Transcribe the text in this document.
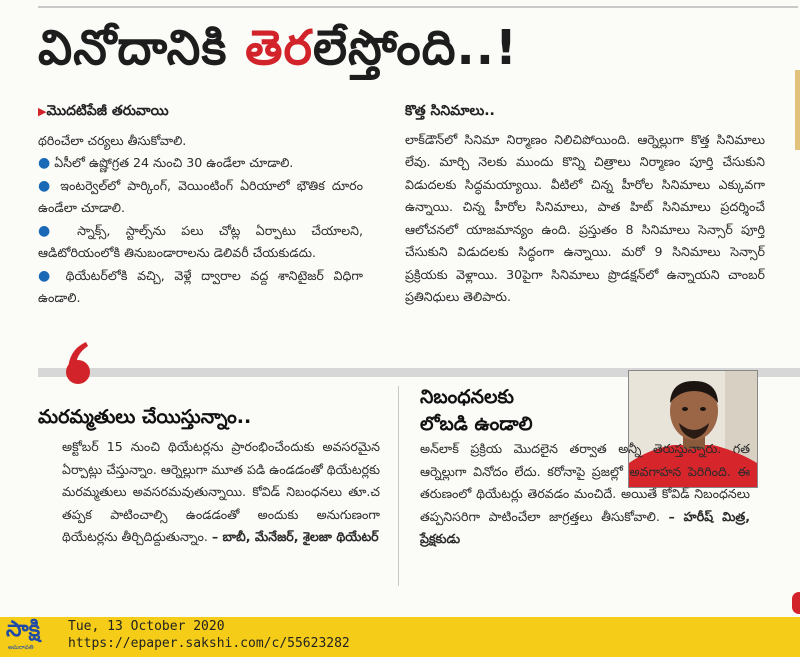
వినోదానికి తెరలేస్తోంది..!

▶మొదటిపేజీ తరువాయి

థరించేలా చర్యలు తీసుకోవాలి.

● ఏసీలో ఉష్ణోగ్రత 24 నుంచి 30 ఉండేలా చూడాలి.

● ఇంటర్వెల్‌లో పార్కింగ్, వెయింటింగ్ ఏరియాలో భౌతిక దూరం ఉండేలా చూడాలి.

● స్నాక్స్, స్టాల్స్‌ను పలు చోట్ల ఏర్పాటు చేయాలని, ఆడిటోరియంలోకి తినుబండారాలను డెలివరీ చేయకుడదు.

● థియేటర్‌లోకి వచ్చి, వెళ్లే ద్వారాల వద్ద శానిటైజర్ విధిగా ఉండాలి.

కొత్త సినిమాలు..

లాక్‌డౌన్‌లో సినిమా నిర్మాణం నిలిచిపోయింది. ఆర్నెల్లుగా కొత్త సినిమాలు లేవు. మార్చి నెలకు ముందు కొన్ని చిత్రాలు నిర్మాణం పూర్తి చేసుకుని విడుదలకు సిద్ధమయ్యాయి. వీటిలో చిన్న హీరోల సినిమాలు ఎక్కువగా ఉన్నాయి. చిన్న హీరోల సినిమాలు, పాత హిట్ సినిమాలు ప్రదర్శించే ఆలోచనలో యాజమాన్యం ఉంది. ప్రస్తుతం 8 సినిమాలు సెన్సార్ పూర్తి చేసుకుని విడుదలకు సిద్ధంగా ఉన్నాయి. మరో 9 సినిమాలు సెన్సార్ ప్రక్రియకు వెళ్లాయి. 30పైగా సినిమాలు ప్రొడక్షన్‌లో ఉన్నాయని చాంబర్ ప్రతినిధులు తెలిపారు.

మరమ్మతులు చేయిస్తున్నాం..

అక్టోబర్ 15 నుంచి థియేటర్లను ప్రారంభించేందుకు అవసరమైన ఏర్పాట్లు చేస్తున్నాం. ఆర్నెల్లుగా మూత పడి ఉండడంతో థియేటర్లకు మరమ్మతులు అవసరమవుతున్నాయి. కోవిడ్ నిబంధనలు తూ.చ తప్పక పాటించాల్సి ఉండడంతో అందుకు అనుగుణంగా థియేటర్లను తీర్చిదిద్దుతున్నాం. – బాబీ, మేనేజర్, శైలజా థియేటర్

నిబంధనలకు
లోబడి ఉండాలి

అన్‌లాక్ ప్రక్రియ మొదలైన తర్వాత అన్నీ తెరుస్తున్నారు. గత ఆర్నెల్లుగా వినోదం లేదు. కరోనాపై ప్రజల్లో అవగాహన పెరిగింది. ఈ తరుణంలో థియేటర్లు తెరవడం మంచిదే. అయితే కోవిడ్ నిబంధనలు తప్పనిసరిగా పాటించేలా జాగ్రత్తలు తీసుకోవాలి. – హరీష్ మిత్ర, ప్రేక్షకుడు

సాక్షి
అమరావతి
Tue, 13 October 2020
https://epaper.sakshi.com/c/55623282
